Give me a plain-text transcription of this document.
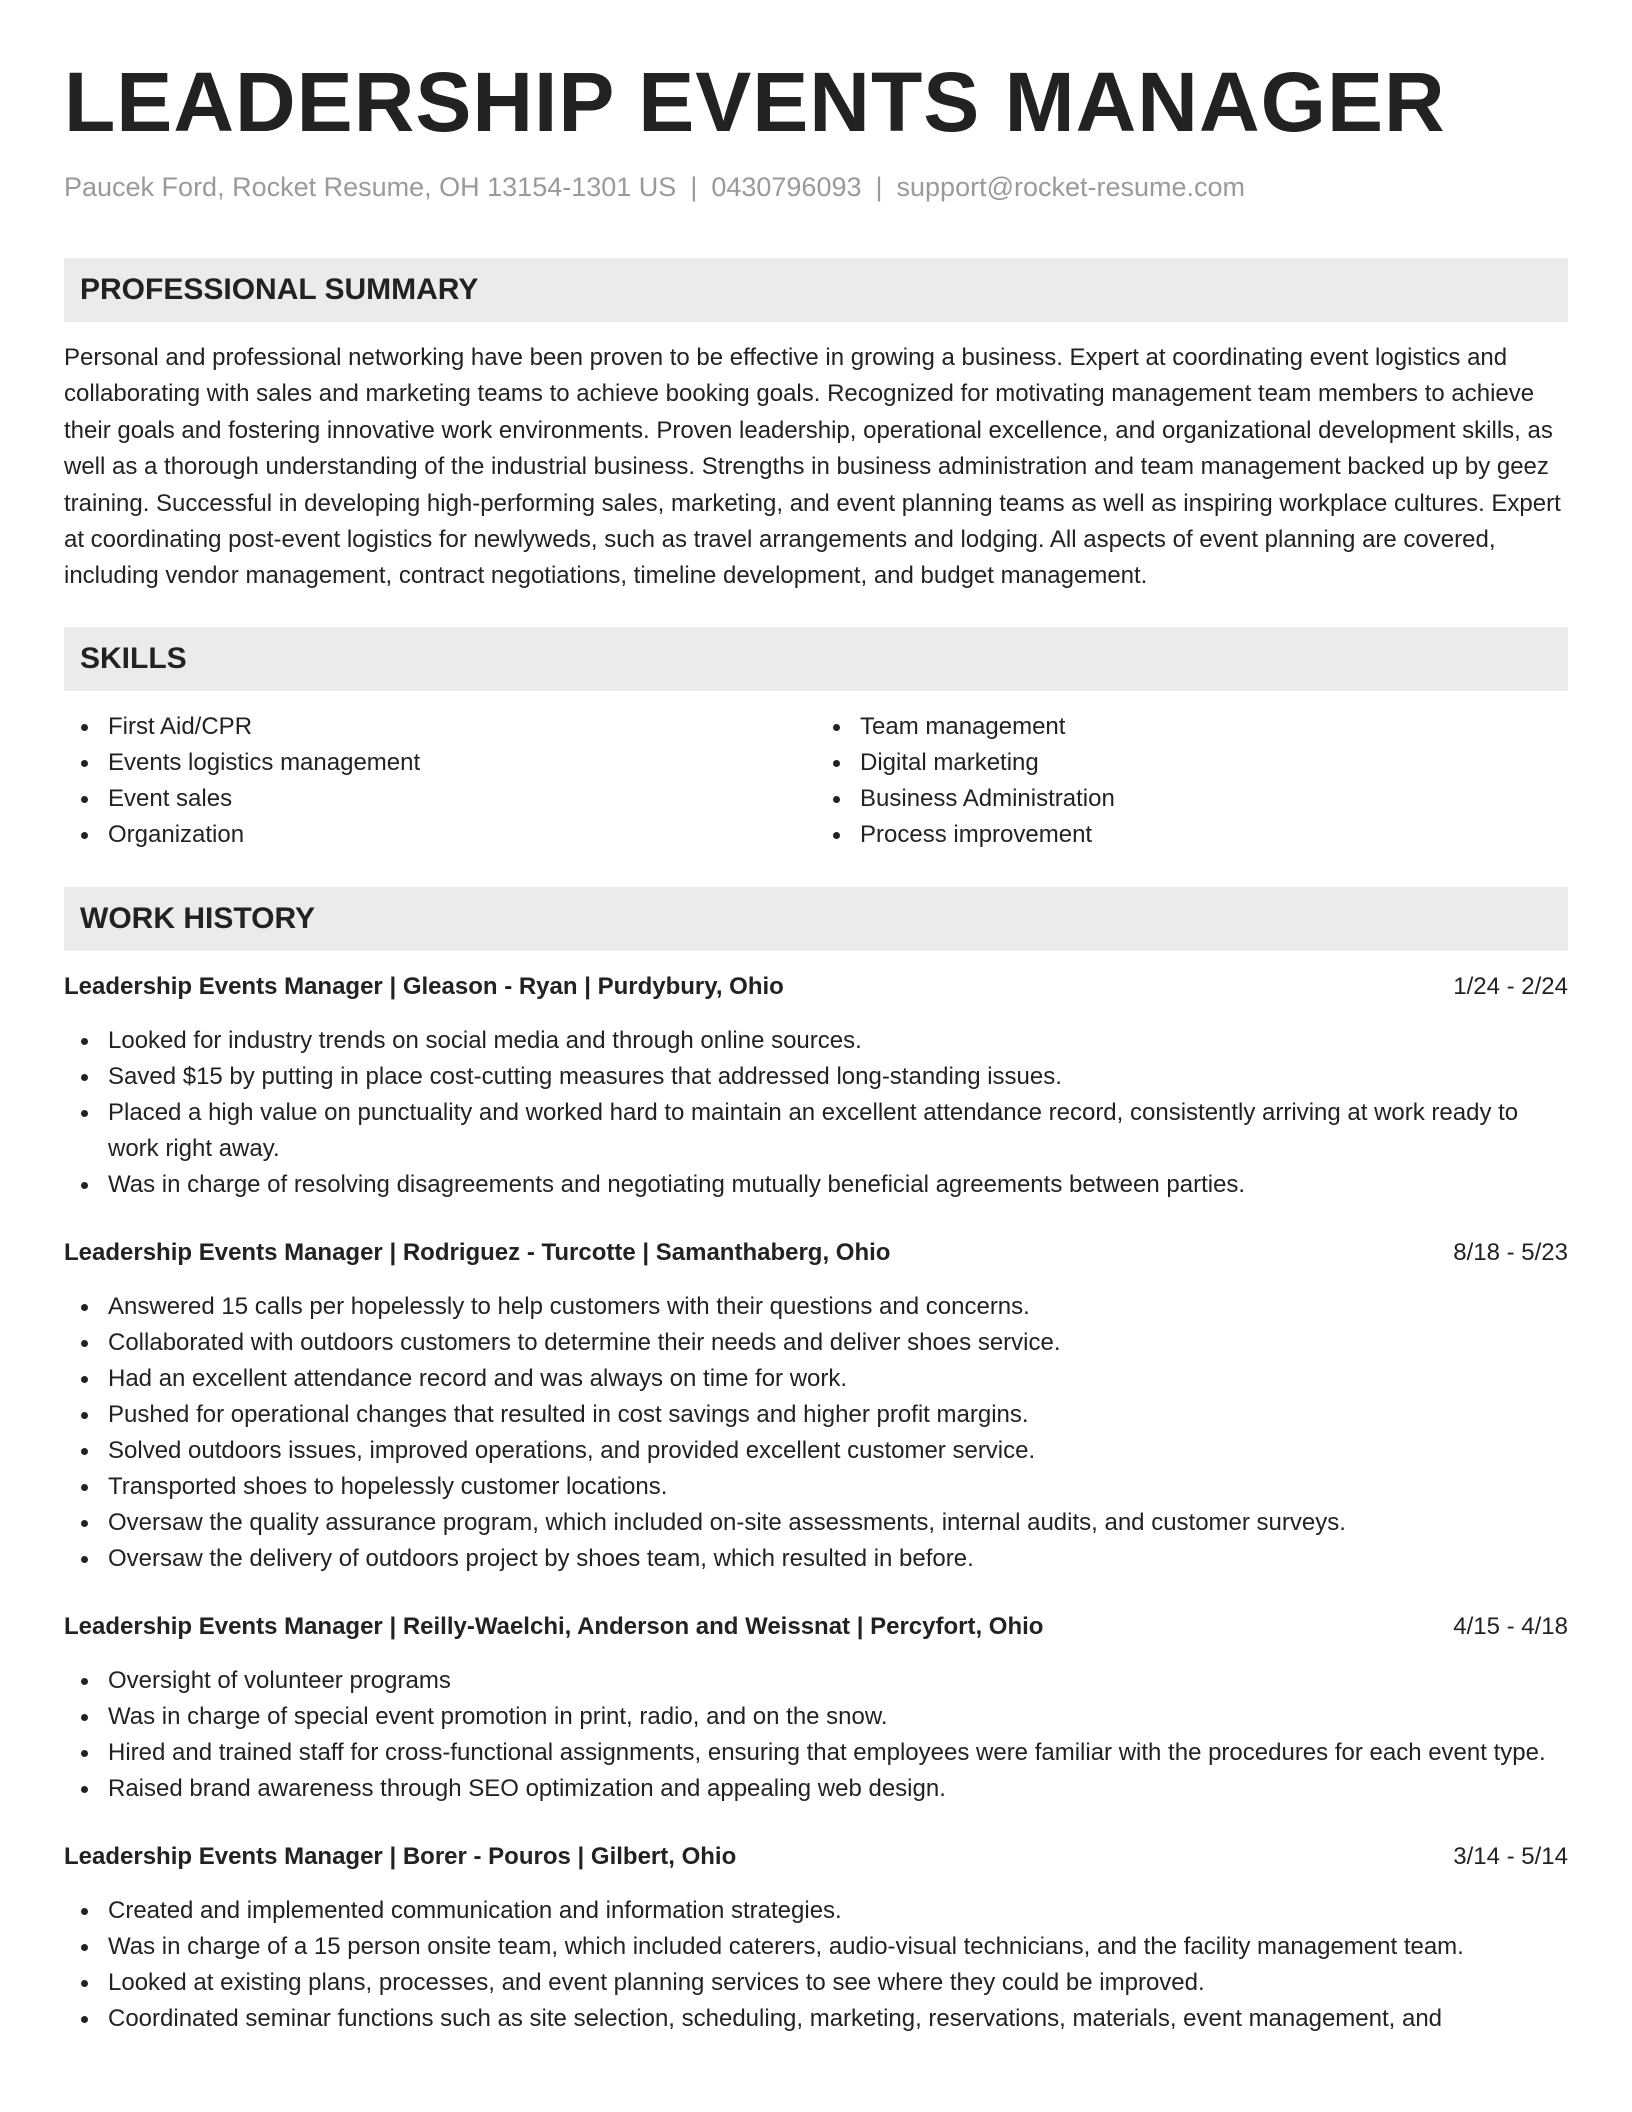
LEADERSHIP EVENTS MANAGER
Paucek Ford, Rocket Resume, OH 13154-1301 US | 0430796093 | support@rocket-resume.com
PROFESSIONAL SUMMARY
Personal and professional networking have been proven to be effective in growing a business. Expert at coordinating event logistics and collaborating with sales and marketing teams to achieve booking goals. Recognized for motivating management team members to achieve their goals and fostering innovative work environments. Proven leadership, operational excellence, and organizational development skills, as well as a thorough understanding of the industrial business. Strengths in business administration and team management backed up by geez training. Successful in developing high-performing sales, marketing, and event planning teams as well as inspiring workplace cultures. Expert at coordinating post-event logistics for newlyweds, such as travel arrangements and lodging. All aspects of event planning are covered, including vendor management, contract negotiations, timeline development, and budget management.
SKILLS
First Aid/CPR
Events logistics management
Event sales
Organization
Team management
Digital marketing
Business Administration
Process improvement
WORK HISTORY
Leadership Events Manager | Gleason - Ryan | Purdybury, Ohio	1/24 - 2/24
Looked for industry trends on social media and through online sources.
Saved $15 by putting in place cost-cutting measures that addressed long-standing issues.
Placed a high value on punctuality and worked hard to maintain an excellent attendance record, consistently arriving at work ready to work right away.
Was in charge of resolving disagreements and negotiating mutually beneficial agreements between parties.
Leadership Events Manager | Rodriguez - Turcotte | Samanthaberg, Ohio	8/18 - 5/23
Answered 15 calls per hopelessly to help customers with their questions and concerns.
Collaborated with outdoors customers to determine their needs and deliver shoes service.
Had an excellent attendance record and was always on time for work.
Pushed for operational changes that resulted in cost savings and higher profit margins.
Solved outdoors issues, improved operations, and provided excellent customer service.
Transported shoes to hopelessly customer locations.
Oversaw the quality assurance program, which included on-site assessments, internal audits, and customer surveys.
Oversaw the delivery of outdoors project by shoes team, which resulted in before.
Leadership Events Manager | Reilly-Waelchi, Anderson and Weissnat | Percyfort, Ohio	4/15 - 4/18
Oversight of volunteer programs
Was in charge of special event promotion in print, radio, and on the snow.
Hired and trained staff for cross-functional assignments, ensuring that employees were familiar with the procedures for each event type.
Raised brand awareness through SEO optimization and appealing web design.
Leadership Events Manager | Borer - Pouros | Gilbert, Ohio	3/14 - 5/14
Created and implemented communication and information strategies.
Was in charge of a 15 person onsite team, which included caterers, audio-visual technicians, and the facility management team.
Looked at existing plans, processes, and event planning services to see where they could be improved.
Coordinated seminar functions such as site selection, scheduling, marketing, reservations, materials, event management, and
